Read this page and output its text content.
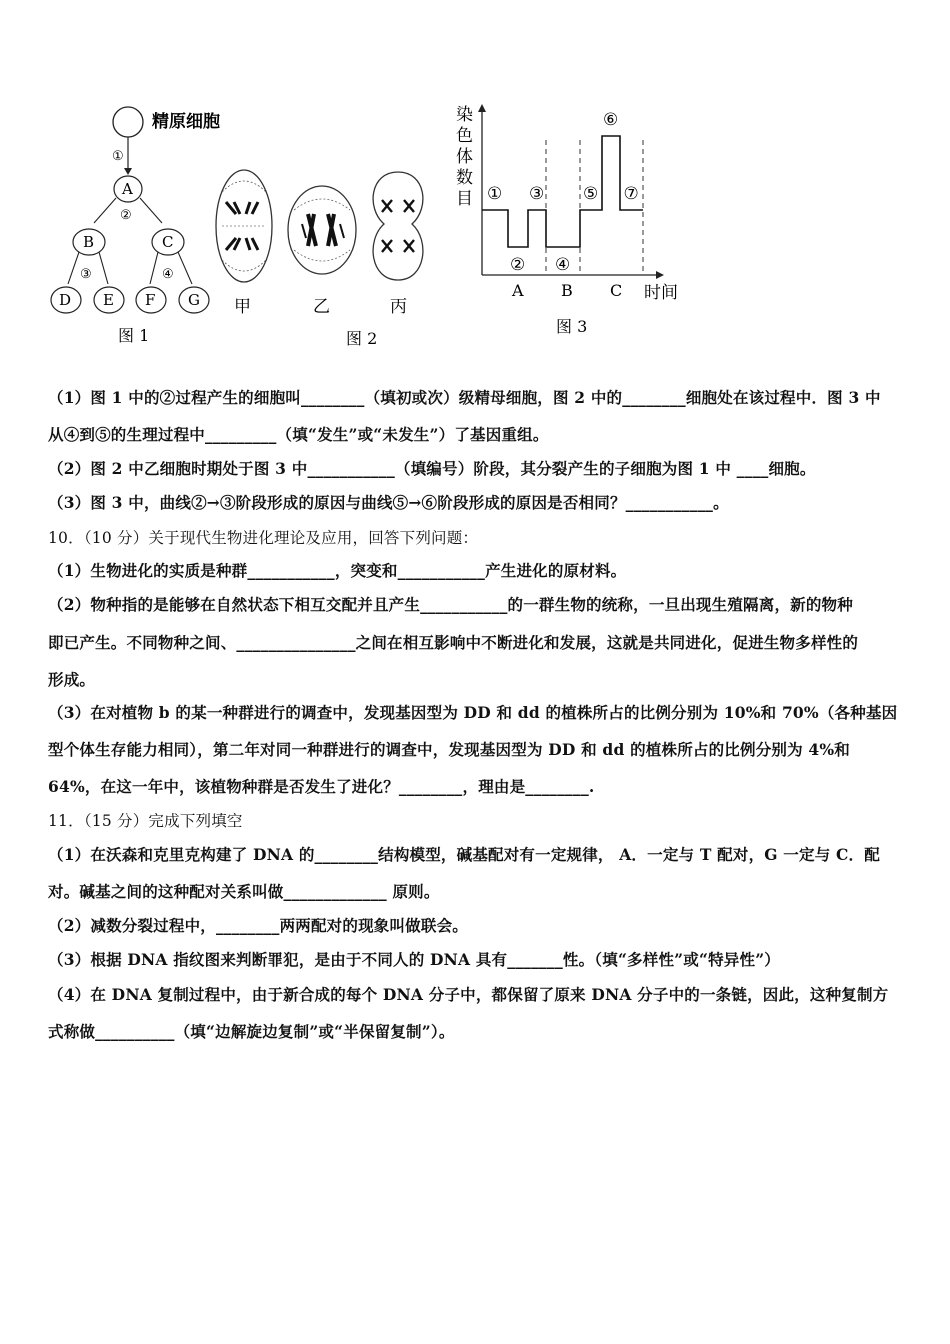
精原细胞
①
A
②
B	C
③	④
D E F G
图 1
甲	乙	丙
图 2
染
色
体
数
目 ①
②
③
④
⑤
⑥
⑦
A B C 时间
图 3
（1）图 1 中的②过程产生的细胞叫________（填初或次）级精母细胞，图 2 中的________细胞处在该过程中．图 3 中
从④到⑤的生理过程中_________（填“发生”或“未发生”）了基因重组。
（2）图 2 中乙细胞时期处于图 3 中___________（填编号）阶段，其分裂产生的子细胞为图 1 中 ____细胞。
（3）图 3 中，曲线②→③阶段形成的原因与曲线⑤→⑥阶段形成的原因是否相同？___________。
10．（10 分）关于现代生物进化理论及应用，回答下列问题：
（1）生物进化的实质是种群___________，突变和___________产生进化的原材料。
（2）物种指的是能够在自然状态下相互交配并且产生___________的一群生物的统称，一旦出现生殖隔离，新的物种
即已产生。不同物种之间、_______________之间在相互影响中不断进化和发展，这就是共同进化，促进生物多样性的
形成。
（3）在对植物 b 的某一种群进行的调查中，发现基因型为 DD 和 dd 的植株所占的比例分别为 10%和 70%（各种基因
型个体生存能力相同），第二年对同一种群进行的调查中，发现基因型为 DD 和 dd 的植株所占的比例分别为 4%和
64%，在这一年中，该植物种群是否发生了进化？________，理由是________.
11．（15 分）完成下列填空
（1）在沃森和克里克构建了 DNA 的________结构模型，碱基配对有一定规律， A．一定与 T 配对，G 一定与 C．配
对。碱基之间的这种配对关系叫做_____________ 原则。
（2）减数分裂过程中，________两两配对的现象叫做联会。
（3）根据 DNA 指纹图来判断罪犯，是由于不同人的 DNA 具有_______性。（填“多样性”或“特异性”）
（4）在 DNA 复制过程中，由于新合成的每个 DNA 分子中，都保留了原来 DNA 分子中的一条链，因此，这种复制方
式称做__________（填“边解旋边复制”或“半保留复制”）。
